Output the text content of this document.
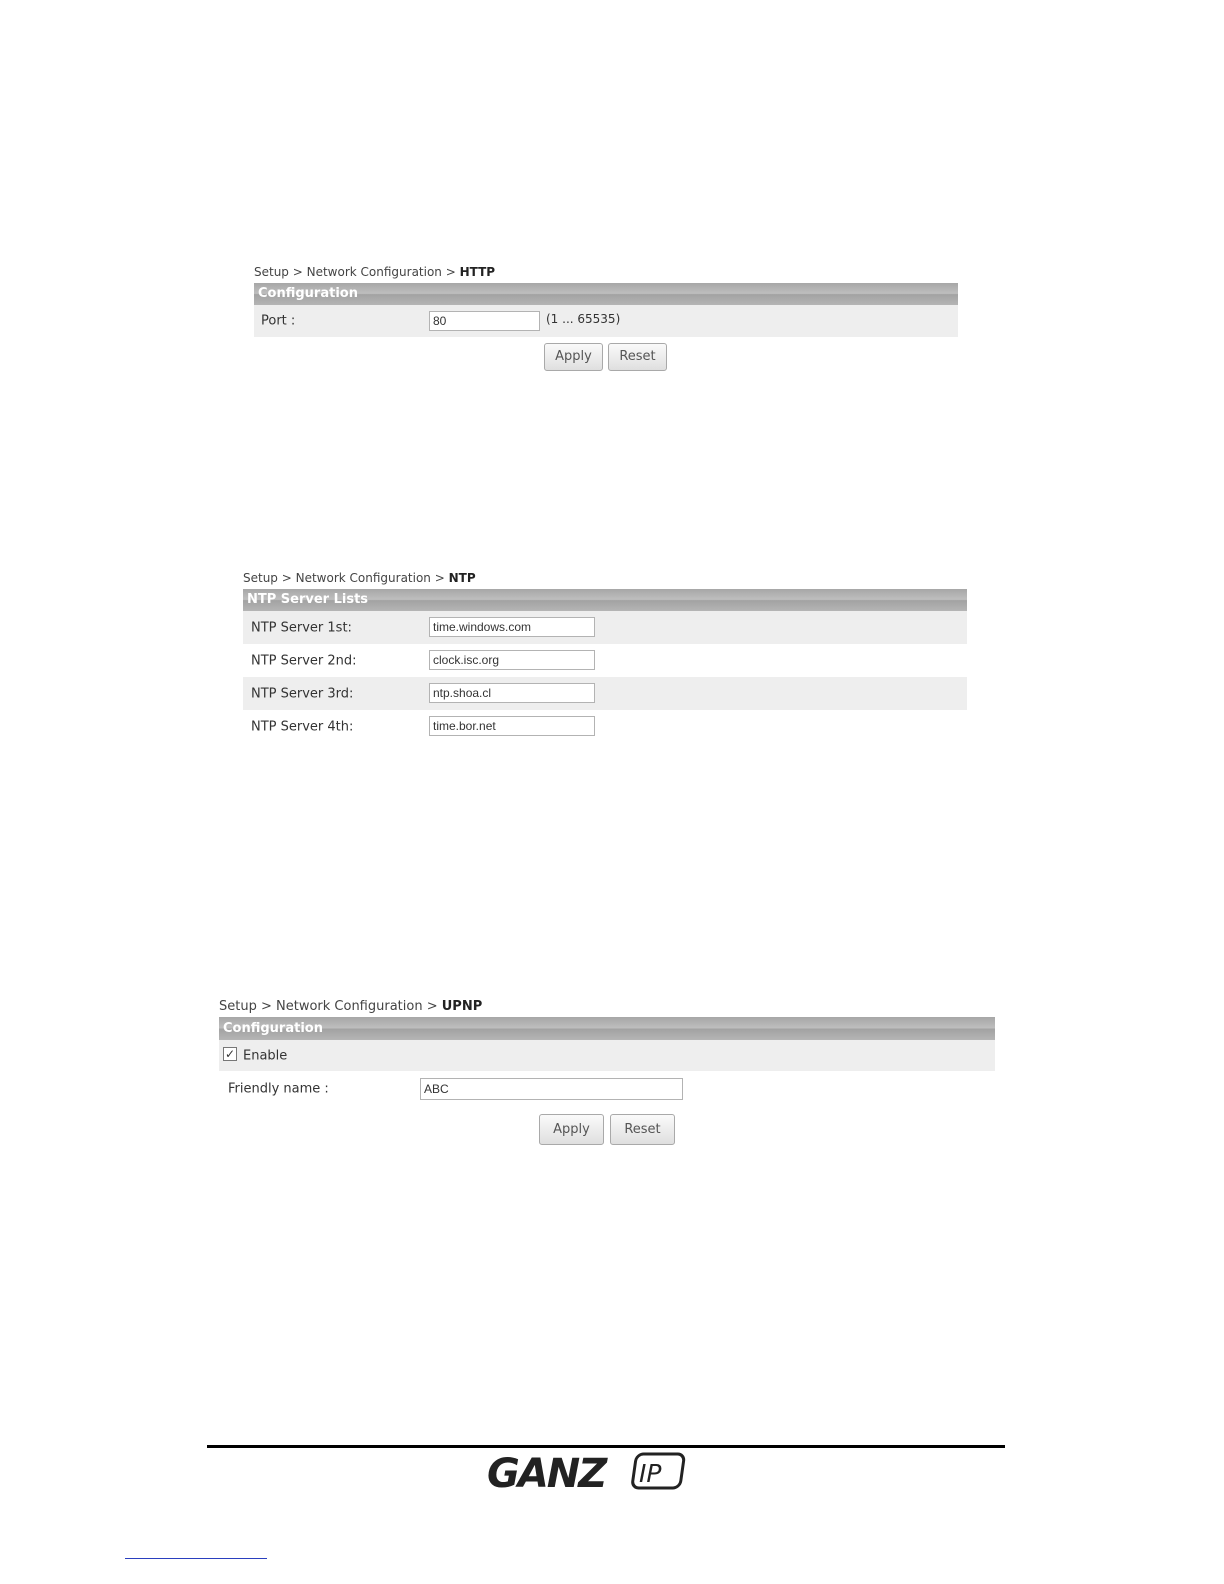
Setup > Network Configuration > HTTP
Configuration
Port :	80	(1 ... 65535)
Apply	Reset
Setup > Network Configuration > NTP
NTP Server Lists
NTP Server 1st:	time.windows.com
NTP Server 2nd:	clock.isc.org
NTP Server 3rd:	ntp.shoa.cl
NTP Server 4th:	time.bor.net
Setup > Network Configuration > UPNP
Configuration
✓ Enable
Friendly name :	ABC
Apply	Reset
GANZ IP
